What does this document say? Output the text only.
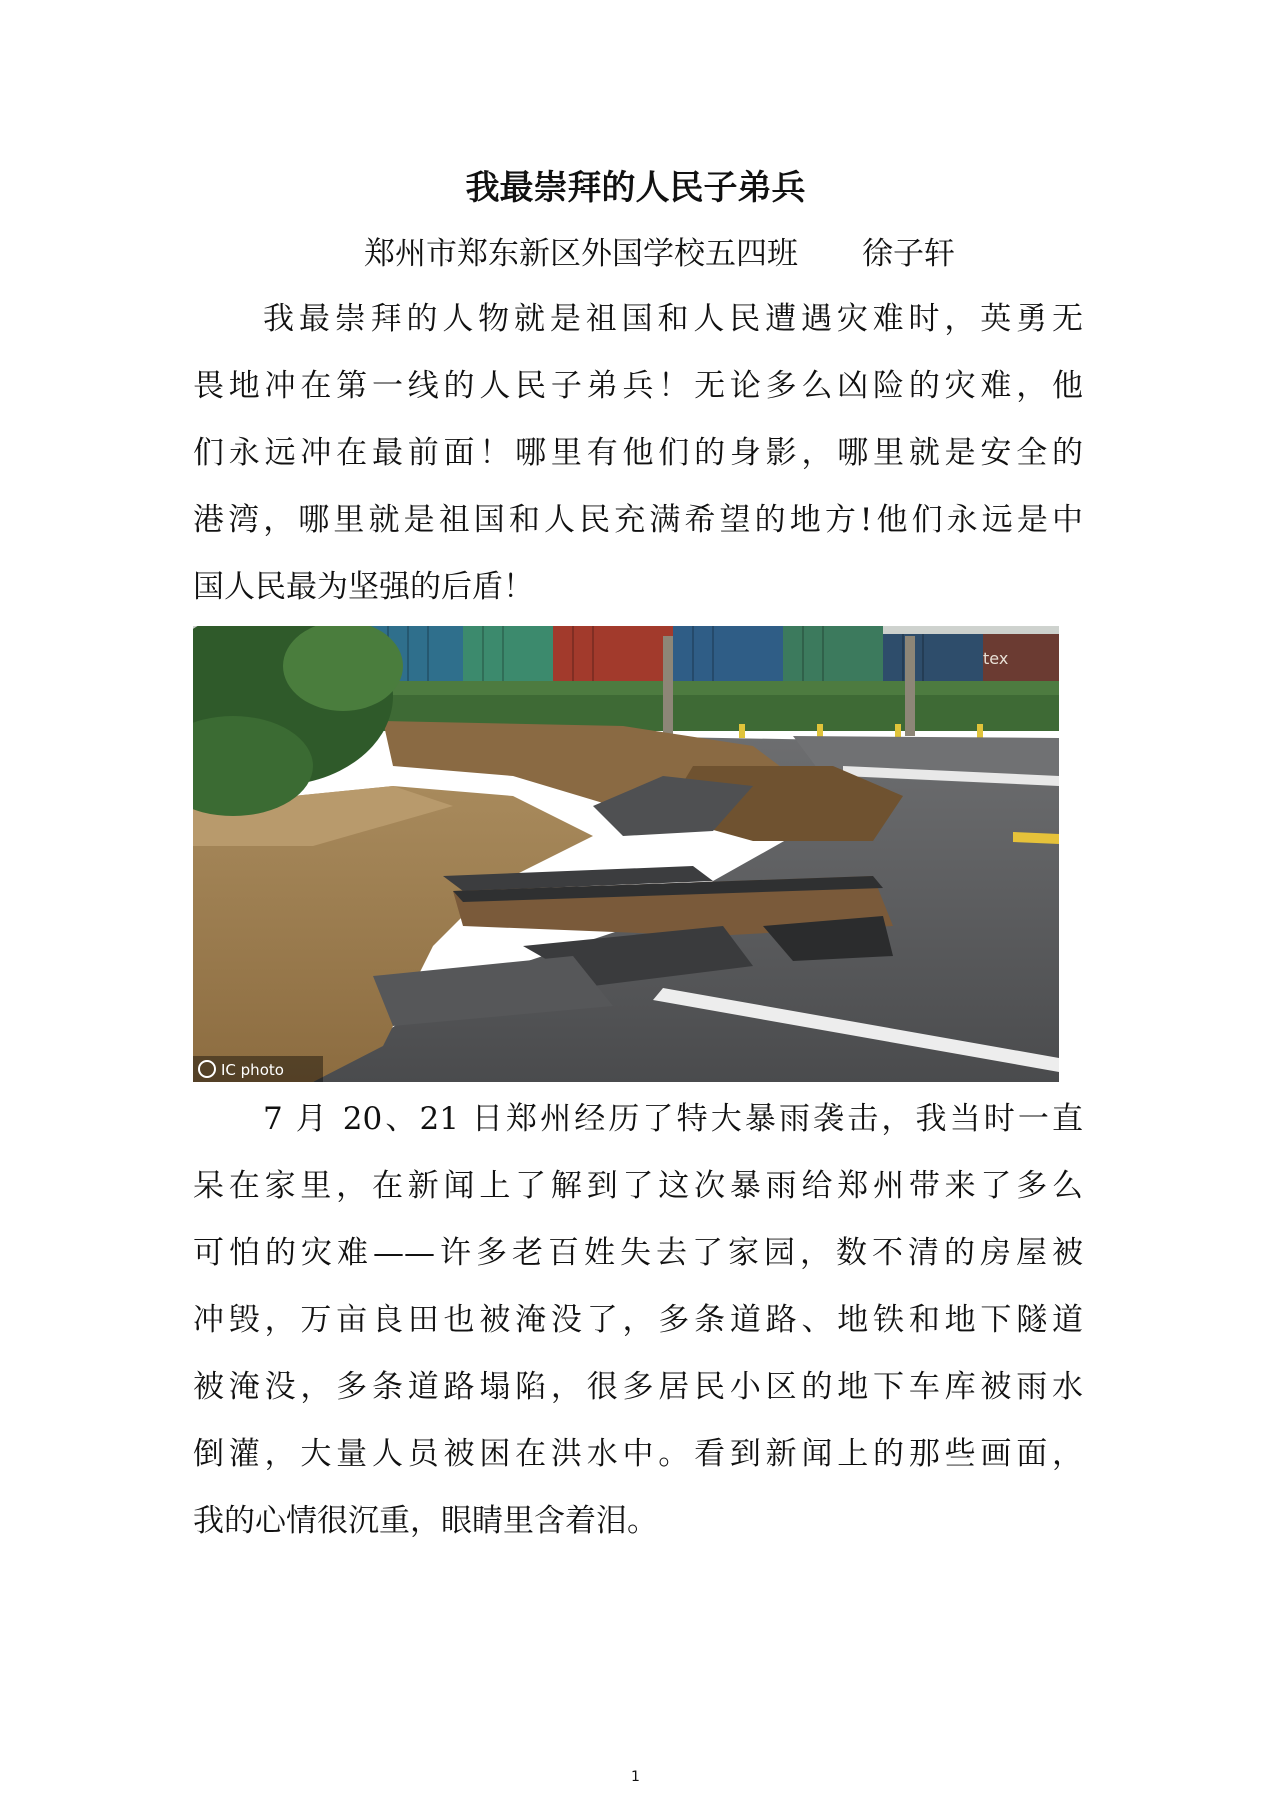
我最崇拜的人民子弟兵
郑州市郑东新区外国学校五四班 徐子轩
我最崇拜的人物就是祖国和人民遭遇灾难时，英勇无
畏地冲在第一线的人民子弟兵！无论多么凶险的灾难，他
们永远冲在最前面！哪里有他们的身影，哪里就是安全的
港湾，哪里就是祖国和人民充满希望的地方!他们永远是中
国人民最为坚强的后盾！
tex
IC photo
7 月 20、21 日郑州经历了特大暴雨袭击，我当时一直
呆在家里，在新闻上了解到了这次暴雨给郑州带来了多么
可怕的灾难——许多老百姓失去了家园，数不清的房屋被
冲毁，万亩良田也被淹没了，多条道路、地铁和地下隧道
被淹没，多条道路塌陷，很多居民小区的地下车库被雨水
倒灌，大量人员被困在洪水中。看到新闻上的那些画面，
我的心情很沉重，眼睛里含着泪。
1
